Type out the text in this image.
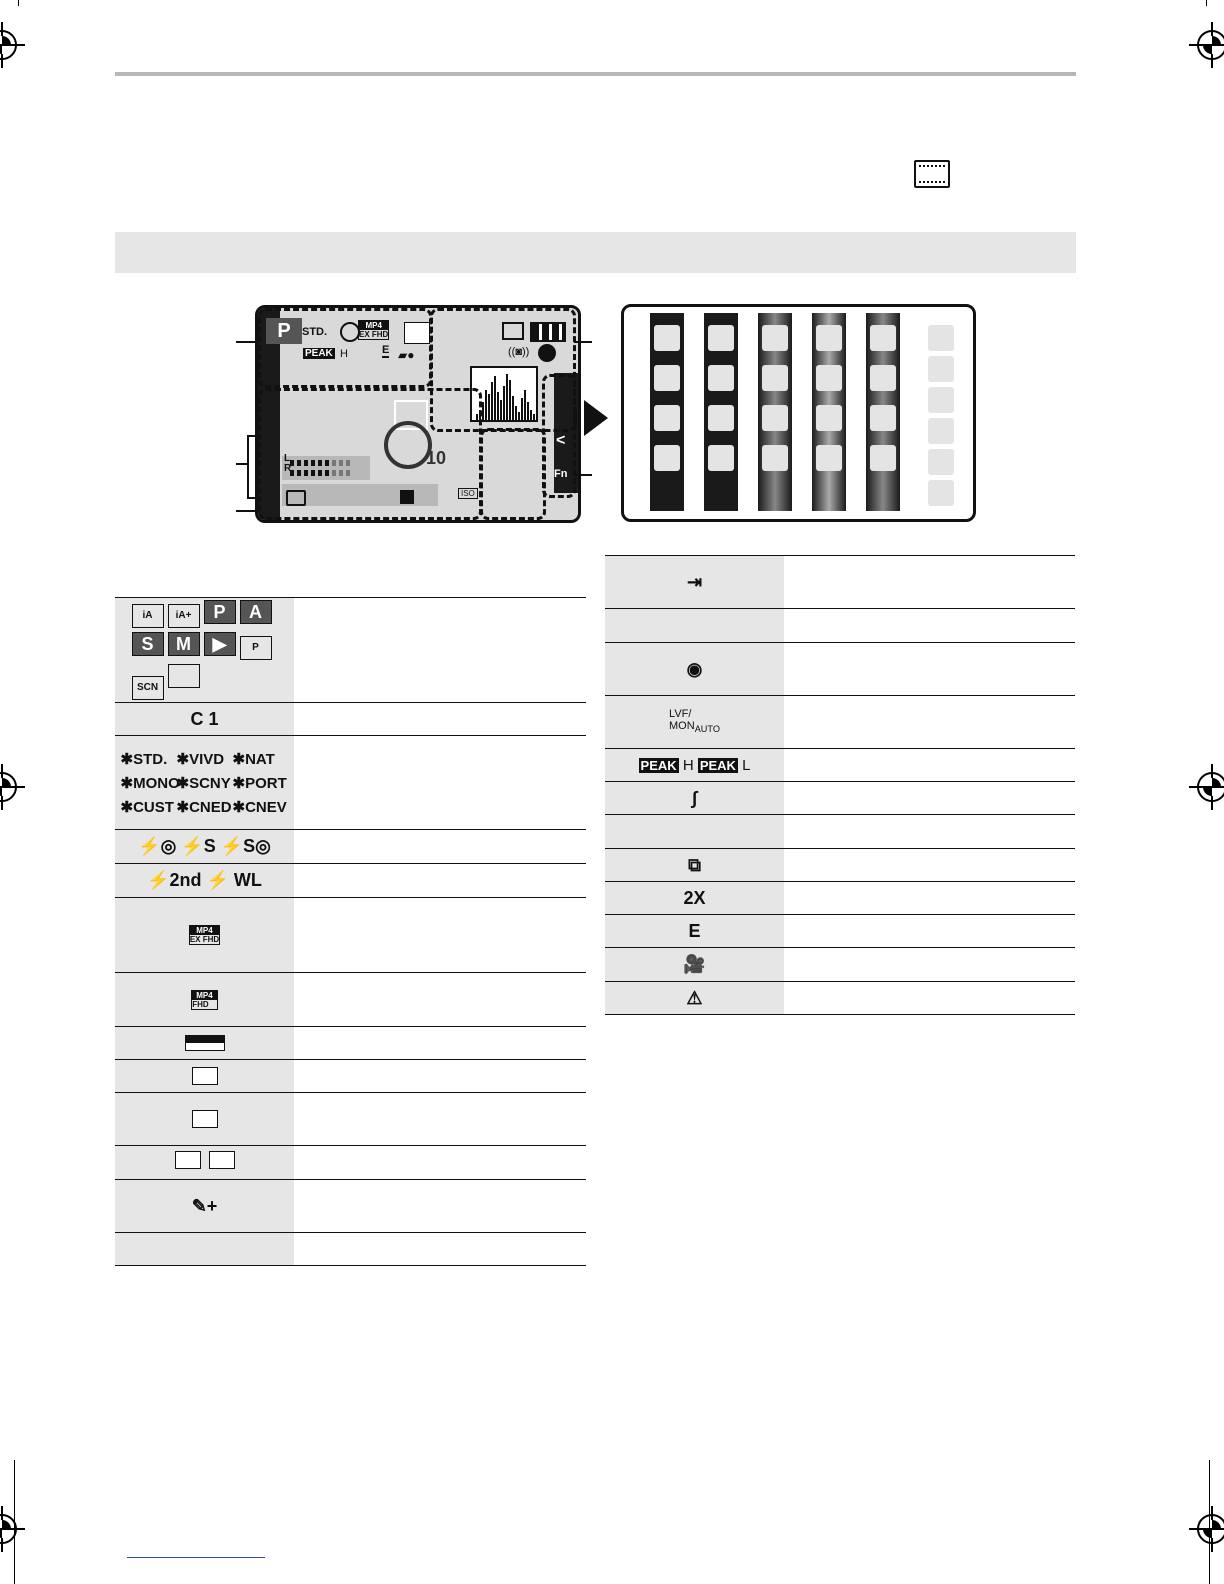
P	STD.
MP4
EX FHD
PEAK H	E ▰●	((◙))
10
L R
ISO
Fn
<
iA iA+ P AS M ▶	PSCN
C 1
✱STD. ✱VIVD ✱NAT
✱MONO
✱SCNY ✱PORT
✱CUST ✱CNED ✱CNEV
⚡◎ ⚡S ⚡S◎
⚡2nd ⚡ WL
MP4
EX FHD
MP4
FHD
✎+
⇥
◉
LVF/
$MON_{AUTO}$
PEAK H PEAK L
∫
⧉
2X
E
🎥
⚠
